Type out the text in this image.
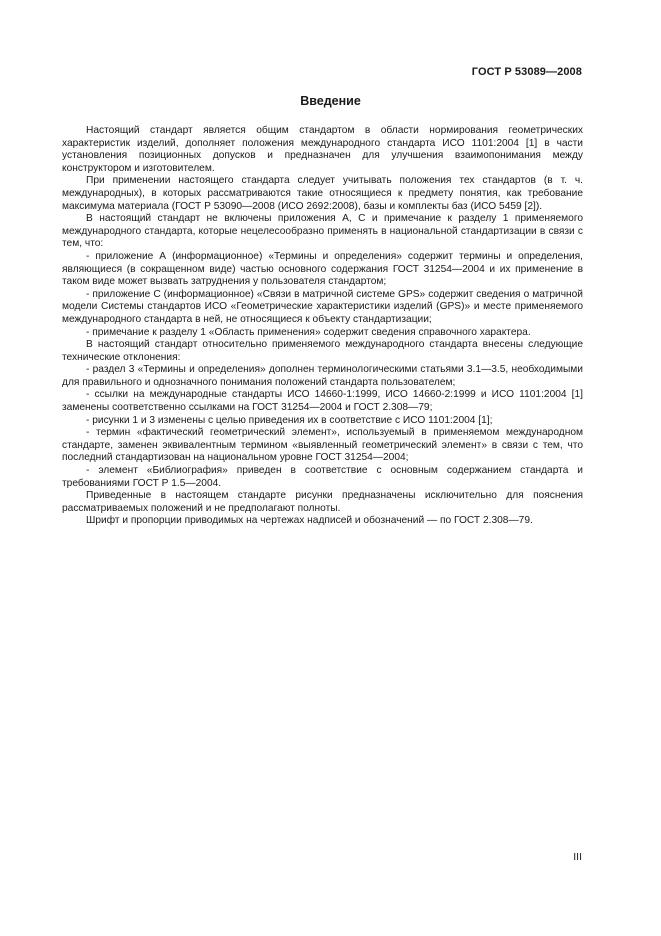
ГОСТ Р 53089—2008
Введение

Настоящий стандарт является общим стандартом в области нормирования геометрических характеристик изделий, дополняет положения международного стандарта ИСО 1101:2004 [1] в части установления позиционных допусков и предназначен для улучшения взаимопонимания между конструктором и изготовителем.

При применении настоящего стандарта следует учитывать положения тех стандартов (в т. ч. международных), в которых рассматриваются такие относящиеся к предмету понятия, как требование максимума материала (ГОСТ Р 53090—2008 (ИСО 2692:2008), базы и комплекты баз (ИСО 5459 [2]).

В настоящий стандарт не включены приложения А, С и примечание к разделу 1 применяемого международного стандарта, которые нецелесообразно применять в национальной стандартизации в связи с тем, что:

- приложение А (информационное) «Термины и определения» содержит термины и определения, являющиеся (в сокращенном виде) частью основного содержания ГОСТ 31254—2004 и их применение в таком виде может вызвать затруднения у пользователя стандартом;

- приложение С (информационное) «Связи в матричной системе GPS» содержит сведения о матричной модели Системы стандартов ИСО «Геометрические характеристики изделий (GPS)» и месте применяемого международного стандарта в ней, не относящиеся к объекту стандартизации;

- примечание к разделу 1 «Область применения» содержит сведения справочного характера.

В настоящий стандарт относительно применяемого международного стандарта внесены следующие технические отклонения:

- раздел 3 «Термины и определения» дополнен терминологическими статьями 3.1—3.5, необходимыми для правильного и однозначного понимания положений стандарта пользователем;

- ссылки на международные стандарты ИСО 14660-1:1999, ИСО 14660-2:1999 и ИСО 1101:2004 [1] заменены соответственно ссылками на ГОСТ 31254—2004 и ГОСТ 2.308—79;

- рисунки 1 и 3 изменены с целью приведения их в соответствие с ИСО 1101:2004 [1];

- термин «фактический геометрический элемент», используемый в применяемом международном стандарте, заменен эквивалентным термином «выявленный геометрический элемент» в связи с тем, что последний стандартизован на национальном уровне ГОСТ 31254—2004;

- элемент «Библиография» приведен в соответствие с основным содержанием стандарта и требованиями ГОСТ Р 1.5—2004.

Приведенные в настоящем стандарте рисунки предназначены исключительно для пояснения рассматриваемых положений и не предполагают полноты.

Шрифт и пропорции приводимых на чертежах надписей и обозначений — по ГОСТ 2.308—79.

III
